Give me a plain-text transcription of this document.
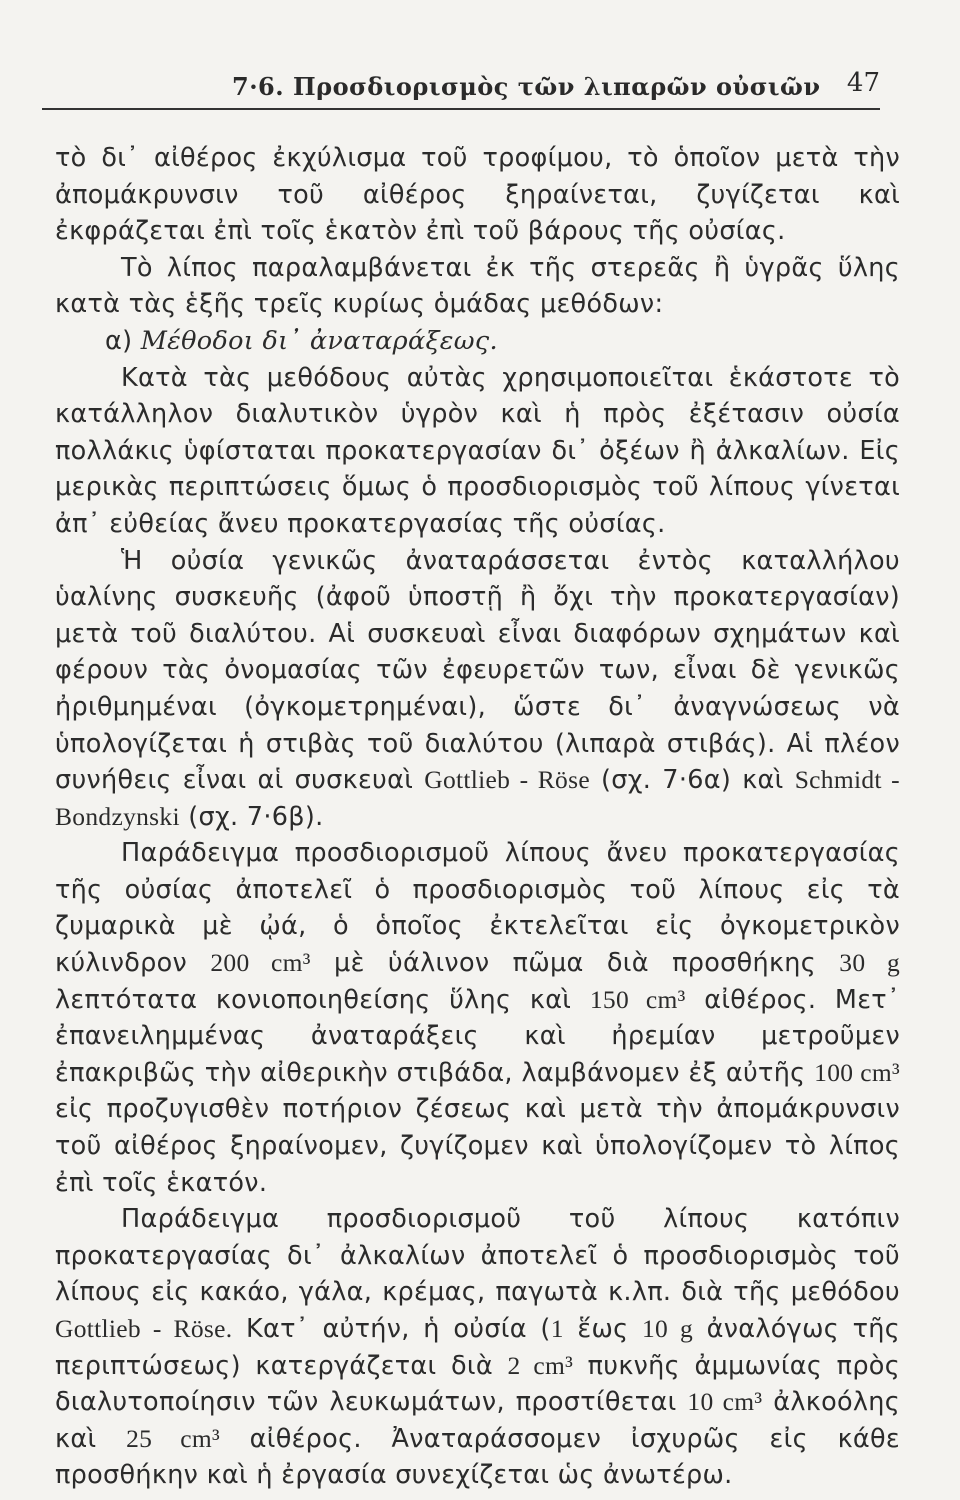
7·6. Προσδιορισμὸς τῶν λιπαρῶν οὐσιῶν 47

τὸ δι᾽ αἰθέρος ἐκχύλισμα τοῦ τροφίμου, τὸ ὁποῖον μετὰ τὴν ἀπομάκρυνσιν τοῦ αἰθέρος ξηραίνεται, ζυγίζεται καὶ ἐκφράζεται ἐπὶ τοῖς ἑκατὸν ἐπὶ τοῦ βάρους τῆς οὐσίας.

Τὸ λίπος παραλαμβάνεται ἐκ τῆς στερεᾶς ἢ ὑγρᾶς ὕλης κατὰ τὰς ἑξῆς τρεῖς κυρίως ὁμάδας μεθόδων:

α) Μέθοδοι δι᾽ ἀναταράξεως.

Κατὰ τὰς μεθόδους αὐτὰς χρησιμοποιεῖται ἑκάστοτε τὸ κατάλληλον διαλυτικὸν ὑγρὸν καὶ ἡ πρὸς ἐξέτασιν οὐσία πολλάκις ὑφίσταται προκατεργασίαν δι᾽ ὀξέων ἢ ἀλκαλίων. Εἰς μερικὰς περιπτώσεις ὅμως ὁ προσδιορισμὸς τοῦ λίπους γίνεται ἀπ᾽ εὐθείας ἄνευ προκατεργασίας τῆς οὐσίας.

Ἡ οὐσία γενικῶς ἀναταράσσεται ἐντὸς καταλλήλου ὑαλίνης συσκευῆς (ἀφοῦ ὑποστῇ ἢ ὄχι τὴν προκατεργασίαν) μετὰ τοῦ διαλύτου. Αἱ συσκευαὶ εἶναι διαφόρων σχημάτων καὶ φέρουν τὰς ὀνομασίας τῶν ἐφευρετῶν των, εἶναι δὲ γενικῶς ἠριθμημέναι (ὀγκομετρημέναι), ὥστε δι᾽ ἀναγνώσεως νὰ ὑπολογίζεται ἡ στιβὰς τοῦ διαλύτου (λιπαρὰ στιβάς). Αἱ πλέον συνήθεις εἶναι αἱ συσκευαὶ Gottlieb - Röse (σχ. 7·6α) καὶ Schmidt - Bondzynski (σχ. 7·6β).

Παράδειγμα προσδιορισμοῦ λίπους ἄνευ προκατεργασίας τῆς οὐσίας ἀποτελεῖ ὁ προσδιορισμὸς τοῦ λίπους εἰς τὰ ζυμαρικὰ μὲ ᾠά, ὁ ὁποῖος ἐκτελεῖται εἰς ὀγκομετρικὸν κύλινδρον 200 cm³ μὲ ὑάλινον πῶμα διὰ προσθήκης 30 g λεπτότατα κονιοποιηθείσης ὕλης καὶ 150 cm³ αἰθέρος. Μετ᾽ ἐπανειλημμένας ἀναταράξεις καὶ ἠρεμίαν μετροῦμεν ἐπακριβῶς τὴν αἰθερικὴν στιβάδα, λαμβάνομεν ἐξ αὐτῆς 100 cm³ εἰς προζυγισθὲν ποτήριον ζέσεως καὶ μετὰ τὴν ἀπομάκρυνσιν τοῦ αἰθέρος ξηραίνομεν, ζυγίζομεν καὶ ὑπολογίζομεν τὸ λίπος ἐπὶ τοῖς ἑκατόν.

Παράδειγμα προσδιορισμοῦ τοῦ λίπους κατόπιν προκατεργασίας δι᾽ ἀλκαλίων ἀποτελεῖ ὁ προσδιορισμὸς τοῦ λίπους εἰς κακάο, γάλα, κρέμας, παγωτὰ κ.λπ. διὰ τῆς μεθόδου Gottlieb - Röse. Κατ᾽ αὐτήν, ἡ οὐσία (1 ἕως 10 g ἀναλόγως τῆς περιπτώσεως) κατεργάζεται διὰ 2 cm³ πυκνῆς ἀμμωνίας πρὸς διαλυτοποίησιν τῶν λευκωμάτων, προστίθεται 10 cm³ ἀλκοόλης καὶ 25 cm³ αἰθέρος. Ἀναταράσσομεν ἰσχυρῶς εἰς κάθε προσθήκην καὶ ἡ ἐργασία συνεχίζεται ὡς ἀνωτέρω.
